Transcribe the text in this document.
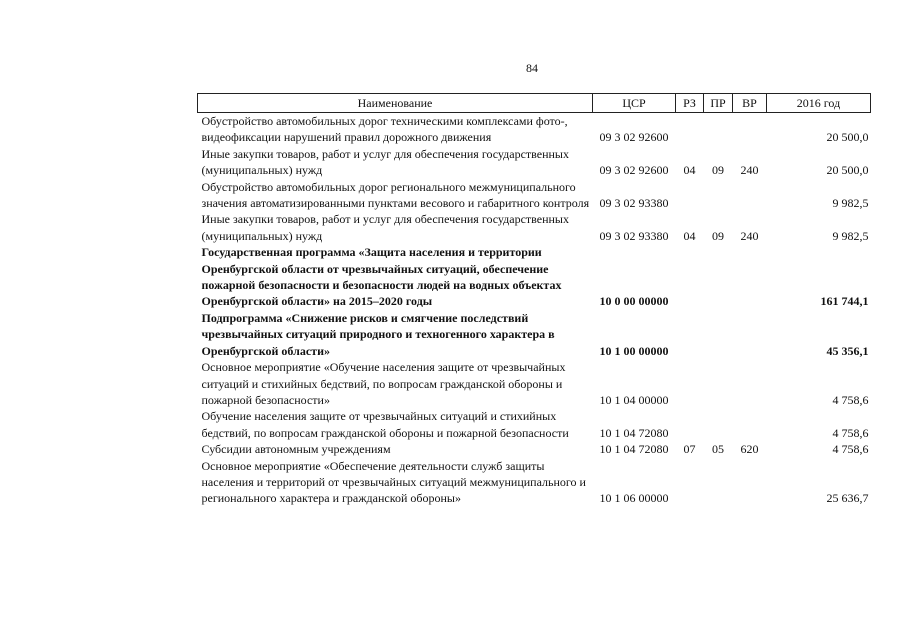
84
Наименование	ЦСР	РЗ	ПР	ВР	2016 год
Обустройство автомобильных дорог техническими комплексами фото-, видеофиксации нарушений правил дорожного движения	09 3 02 92600				20 500,0
Иные закупки товаров, работ и услуг для обеспечения государственных (муниципальных) нужд	09 3 02 92600	04	09	240	20 500,0
Обустройство автомобильных дорог регионального межмуниципального значения автоматизированными пунктами весового и габаритного контроля	09 3 02 93380				9 982,5
Иные закупки товаров, работ и услуг для обеспечения государственных (муниципальных) нужд	09 3 02 93380	04	09	240	9 982,5
Государственная программа «Защита населения и территории Оренбургской области от чрезвычайных ситуаций, обеспечение пожарной безопасности и безопасности людей на водных объектах Оренбургской области» на 2015–2020 годы	10 0 00 00000				161 744,1
Подпрограмма «Снижение рисков и смягчение последствий чрезвычайных ситуаций природного и техногенного характера в Оренбургской области»	10 1 00 00000				45 356,1
Основное мероприятие «Обучение населения защите от чрезвычайных ситуаций и стихийных бедствий, по вопросам гражданской обороны и пожарной безопасности»	10 1 04 00000				4 758,6
Обучение населения защите от чрезвычайных ситуаций и стихийных бедствий, по вопросам гражданской обороны и пожарной безопасности	10 1 04 72080				4 758,6
Субсидии автономным учреждениям	10 1 04 72080	07	05	620	4 758,6
Основное мероприятие «Обеспечение деятельности служб защиты населения и территорий от чрезвычайных ситуаций межмуниципального и регионального характера и гражданской обороны»	10 1 06 00000				25 636,7
